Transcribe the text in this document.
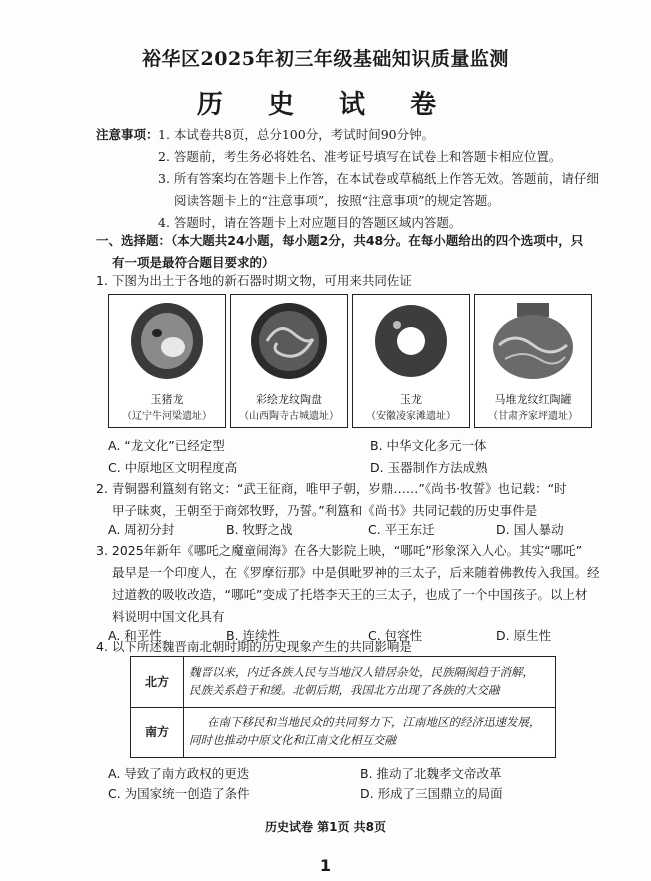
裕华区2025年初三年级基础知识质量监测
历 史 试 卷
注意事项： 1. 本试卷共8页，总分100分，考试时间90分钟。
2. 答题前，考生务必将姓名、准考证号填写在试卷上和答题卡相应位置。
3. 所有答案均在答题卡上作答，在本试卷或草稿纸上作答无效。答题前，请仔细
阅读答题卡上的“注意事项”，按照“注意事项”的规定答题。
4. 答题时，请在答题卡上对应题目的答题区域内答题。
一、选择题：（本大题共24小题，每小题2分，共48分。在每小题给出的四个选项中，只
有一项是最符合题目要求的）
1. 下图为出土于各地的新石器时期文物，可用来共同佐证
玉猪龙
（辽宁牛河梁遗址）
彩绘龙纹陶盘
（山西陶寺古城遗址）
玉龙
（安徽凌家滩遗址）
马堆龙纹红陶罐
（甘肃齐家坪遗址）
A. “龙文化”已经定型	B. 中华文化多元一体
C. 中原地区文明程度高	D. 玉器制作方法成熟
2. 青铜器利簋刻有铭文：“武王征商，唯甲子朝，岁鼎……”《尚书·牧誓》也记载：“时
甲子昧爽，王朝至于商郊牧野，乃誓。”利簋和《尚书》共同记载的历史事件是
A. 周初分封	B. 牧野之战	C. 平王东迁	D. 国人暴动
3. 2025年新年《哪吒之魔童闹海》在各大影院上映，“哪吒”形象深入人心。其实“哪吒”
最早是一个印度人，在《罗摩衍那》中是俱毗罗神的三太子，后来随着佛教传入我国。经
过道教的吸收改造，“哪吒”变成了托塔李天王的三太子，也成了一个中国孩子。以上材
料说明中国文化具有
A. 和平性	B. 连续性	C. 包容性	D. 原生性
4. 以下所述魏晋南北朝时期的历史现象产生的共同影响是
北方
魏晋以来，内迁各族人民与当地汉人错居杂处，民族隔阂趋于消解，
民族关系趋于和缓。北朝后期，我国北方出现了各族的大交融
南方
在南下移民和当地民众的共同努力下，江南地区的经济迅速发展，
同时也推动中原文化和江南文化相互交融
A. 导致了南方政权的更迭	B. 推动了北魏孝文帝改革
C. 为国家统一创造了条件	D. 形成了三国鼎立的局面
历史试卷 第1页 共8页
1
